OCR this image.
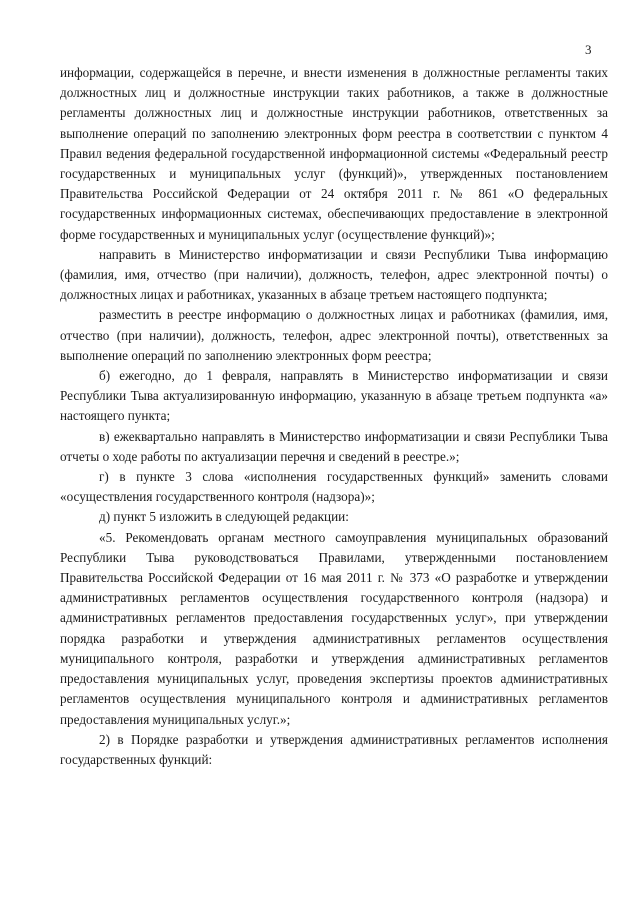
3

информации, содержащейся в перечне, и внести изменения в должностные регламенты таких должностных лиц и должностные инструкции таких работников, а также в должностные регламенты должностных лиц и должностные инструкции работников, ответственных за выполнение операций по заполнению электронных форм реестра в соответствии с пунктом 4 Правил ведения федеральной государственной информационной системы «Федеральный реестр государственных и муниципальных услуг (функций)», утвержденных постановлением Правительства Российской Федерации от 24 октября 2011 г. № 861 «О федеральных государственных информационных системах, обеспечивающих предоставление в электронной форме государственных и муниципальных услуг (осуществление функций)»;

направить в Министерство информатизации и связи Республики Тыва информацию (фамилия, имя, отчество (при наличии), должность, телефон, адрес электронной почты) о должностных лицах и работниках, указанных в абзаце третьем настоящего подпункта;

разместить в реестре информацию о должностных лицах и работниках (фамилия, имя, отчество (при наличии), должность, телефон, адрес электронной почты), ответственных за выполнение операций по заполнению электронных форм реестра;

б) ежегодно, до 1 февраля, направлять в Министерство информатизации и связи Республики Тыва актуализированную информацию, указанную в абзаце третьем подпункта «а» настоящего пункта;

в) ежеквартально направлять в Министерство информатизации и связи Республики Тыва отчеты о ходе работы по актуализации перечня и сведений в реестре.»;

г) в пункте 3 слова «исполнения государственных функций» заменить словами «осуществления государственного контроля (надзора)»;

д) пункт 5 изложить в следующей редакции:

«5. Рекомендовать органам местного самоуправления муниципальных образований Республики Тыва руководствоваться Правилами, утвержденными постановлением Правительства Российской Федерации от 16 мая 2011 г. № 373 «О разработке и утверждении административных регламентов осуществления государственного контроля (надзора) и административных регламентов предоставления государственных услуг», при утверждении порядка разработки и утверждения административных регламентов осуществления муниципального контроля, разработки и утверждения административных регламентов предоставления муниципальных услуг, проведения экспертизы проектов административных регламентов осуществления муниципального контроля и административных регламентов предоставления муниципальных услуг.»;

2) в Порядке разработки и утверждения административных регламентов исполнения государственных функций:
